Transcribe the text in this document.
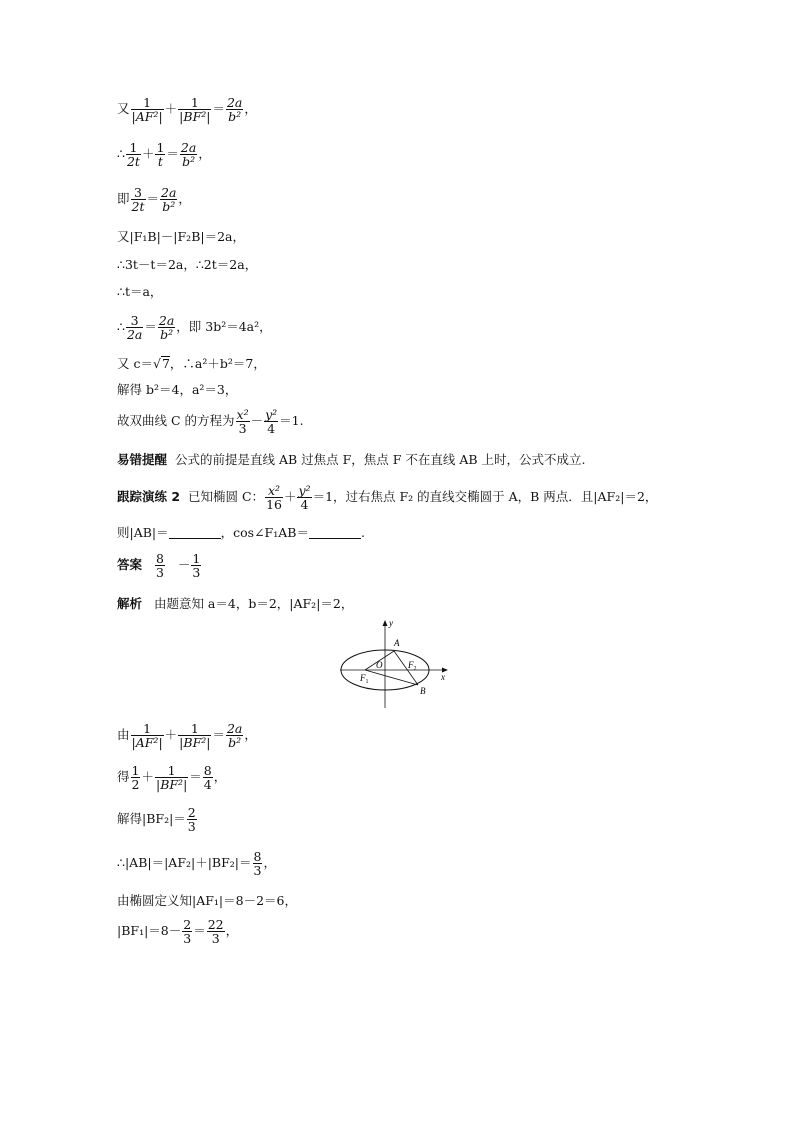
又 $\frac{1}{\text{|AF²|}} + \frac{1}{\text{|BF²|}} = \frac{2a}{\text{b²}}$ ，
∴ $\frac{1}{2t} + \frac{1}{t} = \frac{2a}{\text{b²}}$ ，
即 $\frac{3}{2t} = \frac{2a}{\text{b²}}$ ，
又|F₁B|－|F₂B|＝2a，
∴3t－t＝2a，∴2t＝2a，
∴t＝a，
∴ $\frac{3}{2a} = \frac{2a}{\text{b²}}$ ，即 3b²＝4a²，
又 c＝√7，∴a²＋b²＝7，
解得 b²＝4，a²＝3，
故双曲线 C 的方程为 $\frac{\text{x²}}{3} - \frac{\text{y²}}{4} =1$.
易错提醒 公式的前提是直线 AB 过焦点 F，焦点 F 不在直线 AB 上时，公式不成立.
跟踪演练 2 已知椭圆 C： $\frac{\text{x²}}{16} + \frac{\text{y²}}{4} =1$，过右焦点 F₂ 的直线交椭圆于 A，B 两点．且|AF₂|＝2，
则|AB|＝	，cos∠F₁AB＝	.
答案 $\frac{8}{3} - \frac{1}{3}$
解析 由题意知 a＝4，b＝2，|AF₂|＝2，
y
x
O
A
B
$F_1$
$F_2$
由 $\frac{1}{\text{|AF²|}} + \frac{1}{\text{|BF²|}} = \frac{2a}{\text{b²}}$ ，
得 $\frac{1}{2} + \frac{1}{\text{|BF²|}} = \frac{8}{4}$ ，
解得$|BF_2|= \frac{2}{3}$
∴|AB|＝|AF₂|＋|BF₂|＝ $\frac{8}{3}$ ，
由椭圆定义知|AF₁|＝8－2＝6，
$|BF_1|=8- \frac{2}{3} = \frac{22}{3}$ ，
